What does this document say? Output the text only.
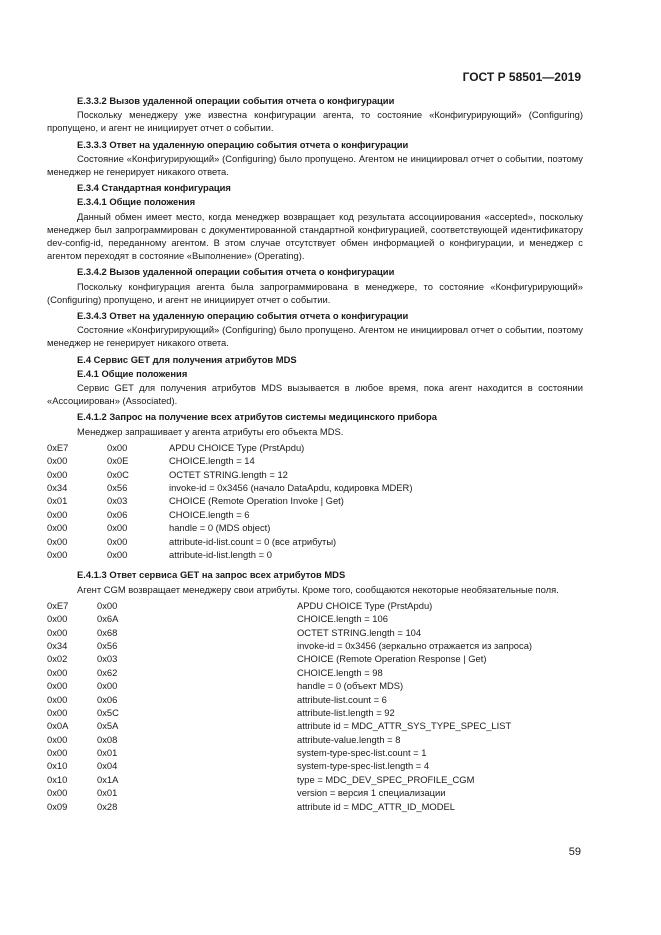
ГОСТ Р 58501—2019
E.3.3.2 Вызов удаленной операции события отчета о конфигурации
Поскольку менеджеру уже известна конфигурации агента, то состояние «Конфигурирующий» (Configuring) пропущено, и агент не инициирует отчет о событии.
E.3.3.3 Ответ на удаленную операцию события отчета о конфигурации
Состояние «Конфигурирующий» (Configuring) было пропущено. Агентом не инициировал отчет о событии, поэтому менеджер не генерирует никакого ответа.
E.3.4 Стандартная конфигурация
E.3.4.1 Общие положения
Данный обмен имеет место, когда менеджер возвращает код результата ассоциирования «accepted», поскольку менеджер был запрограммирован с документированной стандартной конфигурацией, соответствующей идентификатору dev-config-id, переданному агентом. В этом случае отсутствует обмен информацией о конфигурации, и менеджер с агентом переходят в состояние «Выполнение» (Operating).
E.3.4.2 Вызов удаленной операции события отчета о конфигурации
Поскольку конфигурация агента была запрограммирована в менеджере, то состояние «Конфигурирующий» (Configuring) пропущено, и агент не инициирует отчет о событии.
E.3.4.3 Ответ на удаленную операцию события отчета о конфигурации
Состояние «Конфигурирующий» (Configuring) было пропущено. Агентом не инициировал отчет о событии, поэтому менеджер не генерирует никакого ответа.
E.4 Сервис GET для получения атрибутов MDS
E.4.1 Общие положения
Сервис GET для получения атрибутов MDS вызывается в любое время, пока агент находится в состоянии «Ассоциирован» (Associated).
E.4.1.2 Запрос на получение всех атрибутов системы медицинского прибора
Менеджер запрашивает у агента атрибуты его объекта MDS.
0xE7	0x00	APDU CHOICE Type (PrstApdu)
0x00	0x0E	CHOICE.length = 14
0x00	0x0C	OCTET STRING.length = 12
0x34	0x56	invoke-id = 0x3456 (начало DataApdu, кодировка MDER)
0x01	0x03	CHOICE (Remote Operation Invoke | Get)
0x00	0x06	CHOICE.length = 6
0x00	0x00	handle = 0 (MDS object)
0x00	0x00	attribute-id-list.count = 0 (все атрибуты)
0x00	0x00	attribute-id-list.length = 0
E.4.1.3 Ответ сервиса GET на запрос всех атрибутов MDS
Агент CGM возвращает менеджеру свои атрибуты. Кроме того, сообщаются некоторые необязательные поля.
0xE7	0x00	APDU CHOICE Type (PrstApdu)
0x00	0x6A	CHOICE.length = 106
0x00	0x68	OCTET STRING.length = 104
0x34	0x56	invoke-id = 0x3456 (зеркально отражается из запроса)
0x02	0x03	CHOICE (Remote Operation Response | Get)
0x00	0x62	CHOICE.length = 98
0x00	0x00	handle = 0 (объект MDS)
0x00	0x06	attribute-list.count = 6
0x00	0x5C	attribute-list.length = 92
0x0A	0x5A	attribute id = MDC_ATTR_SYS_TYPE_SPEC_LIST
0x00	0x08	attribute-value.length = 8
0x00	0x01	system-type-spec-list.count = 1
0x10	0x04	system-type-spec-list.length = 4
0x10	0x1A	type = MDC_DEV_SPEC_PROFILE_CGM
0x00	0x01	version = версия 1 специализации
0x09	0x28	attribute id = MDC_ATTR_ID_MODEL
59
